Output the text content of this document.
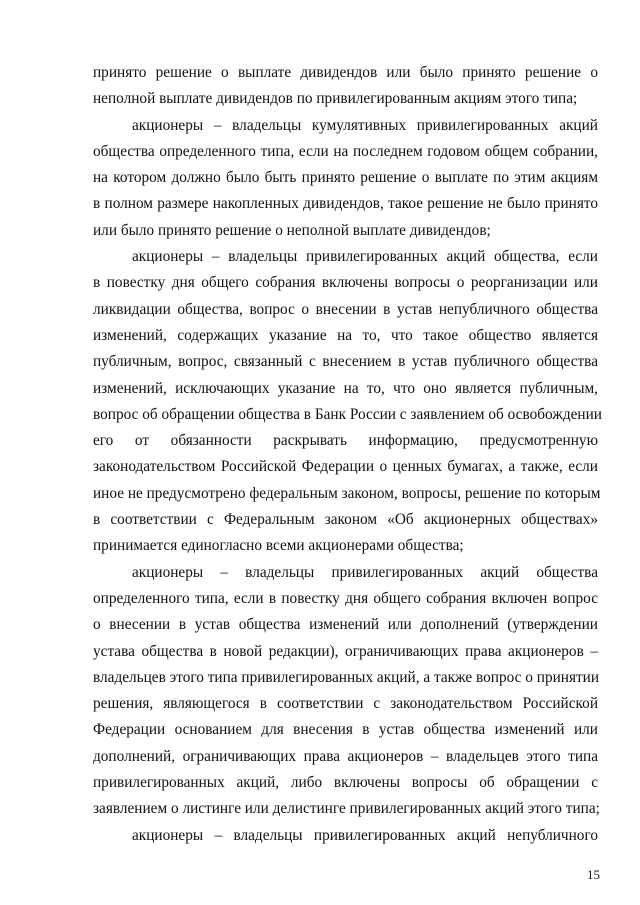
принято решение о выплате дивидендов или было принято решение о
неполной выплате дивидендов по привилегированным акциям этого типа;
акционеры – владельцы кумулятивных привилегированных акций
общества определенного типа, если на последнем годовом общем собрании,
на котором должно было быть принято решение о выплате по этим акциям
в полном размере накопленных дивидендов, такое решение не было принято
или было принято решение о неполной выплате дивидендов;
акционеры – владельцы привилегированных акций общества, если
в повестку дня общего собрания включены вопросы о реорганизации или
ликвидации общества, вопрос о внесении в устав непубличного общества
изменений, содержащих указание на то, что такое общество является
публичным, вопрос, связанный с внесением в устав публичного общества
изменений, исключающих указание на то, что оно является публичным,
вопрос об обращении общества в Банк России с заявлением об освобождении
его от обязанности раскрывать информацию, предусмотренную
законодательством Российской Федерации о ценных бумагах, а также, если
иное не предусмотрено федеральным законом, вопросы, решение по которым
в соответствии с Федеральным законом «Об акционерных обществах»
принимается единогласно всеми акционерами общества;
акционеры – владельцы привилегированных акций общества
определенного типа, если в повестку дня общего собрания включен вопрос
о внесении в устав общества изменений или дополнений (утверждении
устава общества в новой редакции), ограничивающих права акционеров –
владельцев этого типа привилегированных акций, а также вопрос о принятии
решения, являющегося в соответствии с законодательством Российской
Федерации основанием для внесения в устав общества изменений или
дополнений, ограничивающих права акционеров – владельцев этого типа
привилегированных акций, либо включены вопросы об обращении с
заявлением о листинге или делистинге привилегированных акций этого типа;
акционеры – владельцы привилегированных акций непубличного
15
